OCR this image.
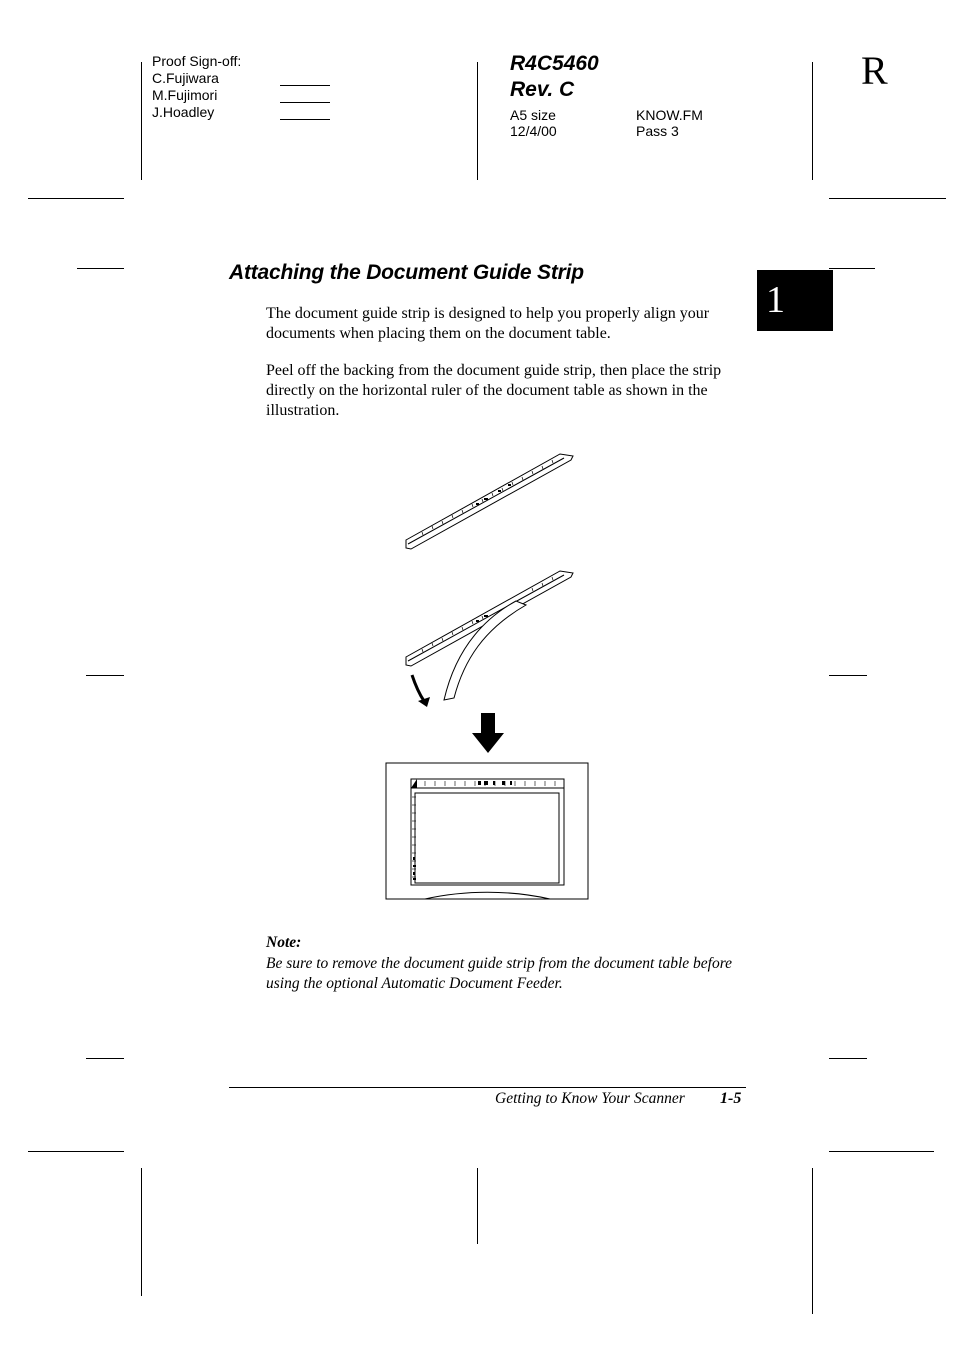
Proof Sign-off:
C.Fujiwara
M.Fujimori
J.Hoadley
R4C5460
Rev. C
A5 size
12/4/00
KNOW.FM
Pass 3
R
1
Attaching the Document Guide Strip
The document guide strip is designed to help you properly align your documents when placing them on the document table.
Peel off the backing from the document guide strip, then place the strip directly on the horizontal ruler of the document table as shown in the illustration.
Note:
Be sure to remove the document guide strip from the document table before using the optional Automatic Document Feeder.
Getting to Know Your Scanner 1-5
